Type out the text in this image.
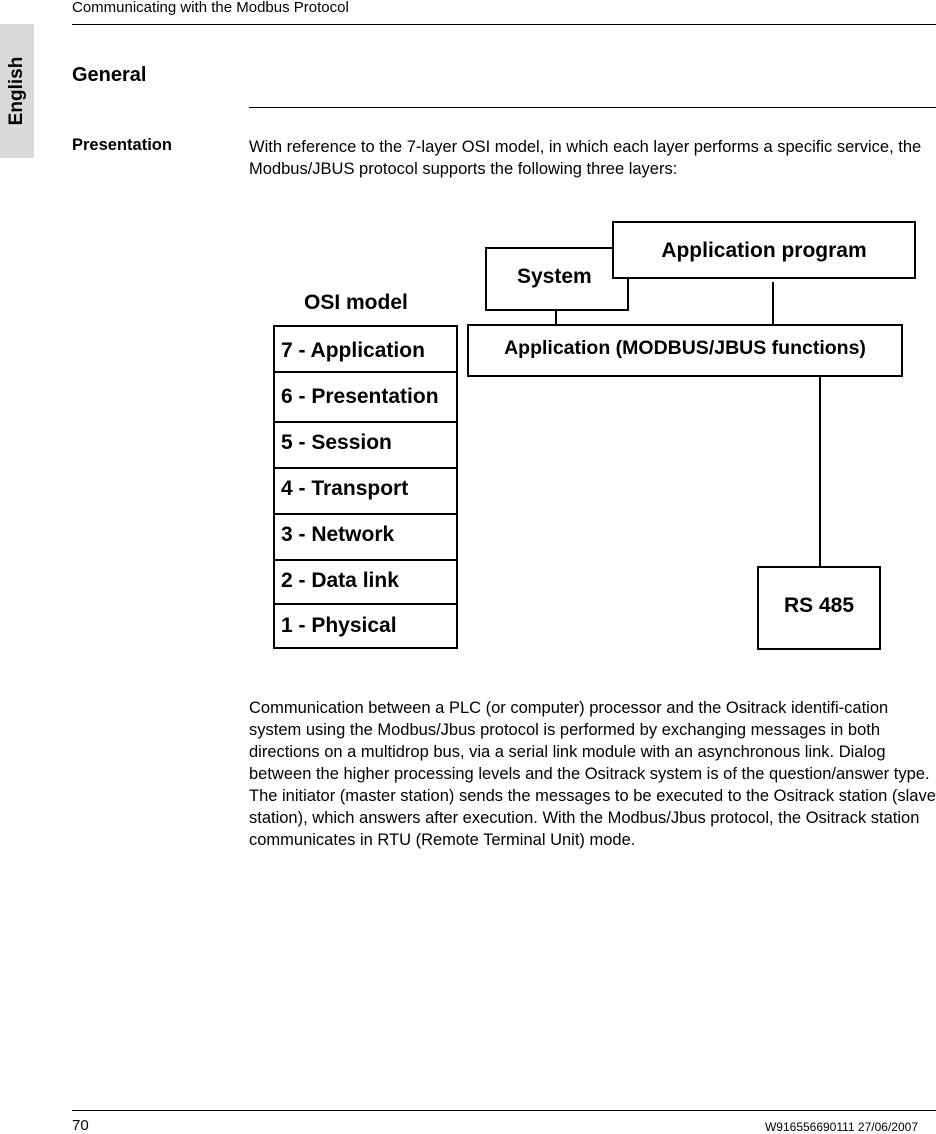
Communicating with the Modbus Protocol
English General
Presentation	With reference to the 7-layer OSI model, in which each layer performs a specific service, the Modbus/JBUS protocol supports the following three layers:
OSI model
7 - Application
6 - Presentation
5 - Session
4 - Transport
3 - Network
2 - Data link
1 - Physical
System
Application program
Application (MODBUS/JBUS functions)
RS 485
Communication between a PLC (or computer) processor and the Ositrack identifi-cation system using the Modbus/Jbus protocol is performed by exchanging messages in both directions on a multidrop bus, via a serial link module with an asynchronous link. Dialog between the higher processing levels and the Ositrack system is of the question/answer type. The initiator (master station) sends the messages to be executed to the Ositrack station (slave station), which answers after execution. With the Modbus/Jbus protocol, the Ositrack station communicates in RTU (Remote Terminal Unit) mode.
70	W916556690111 27/06/2007
